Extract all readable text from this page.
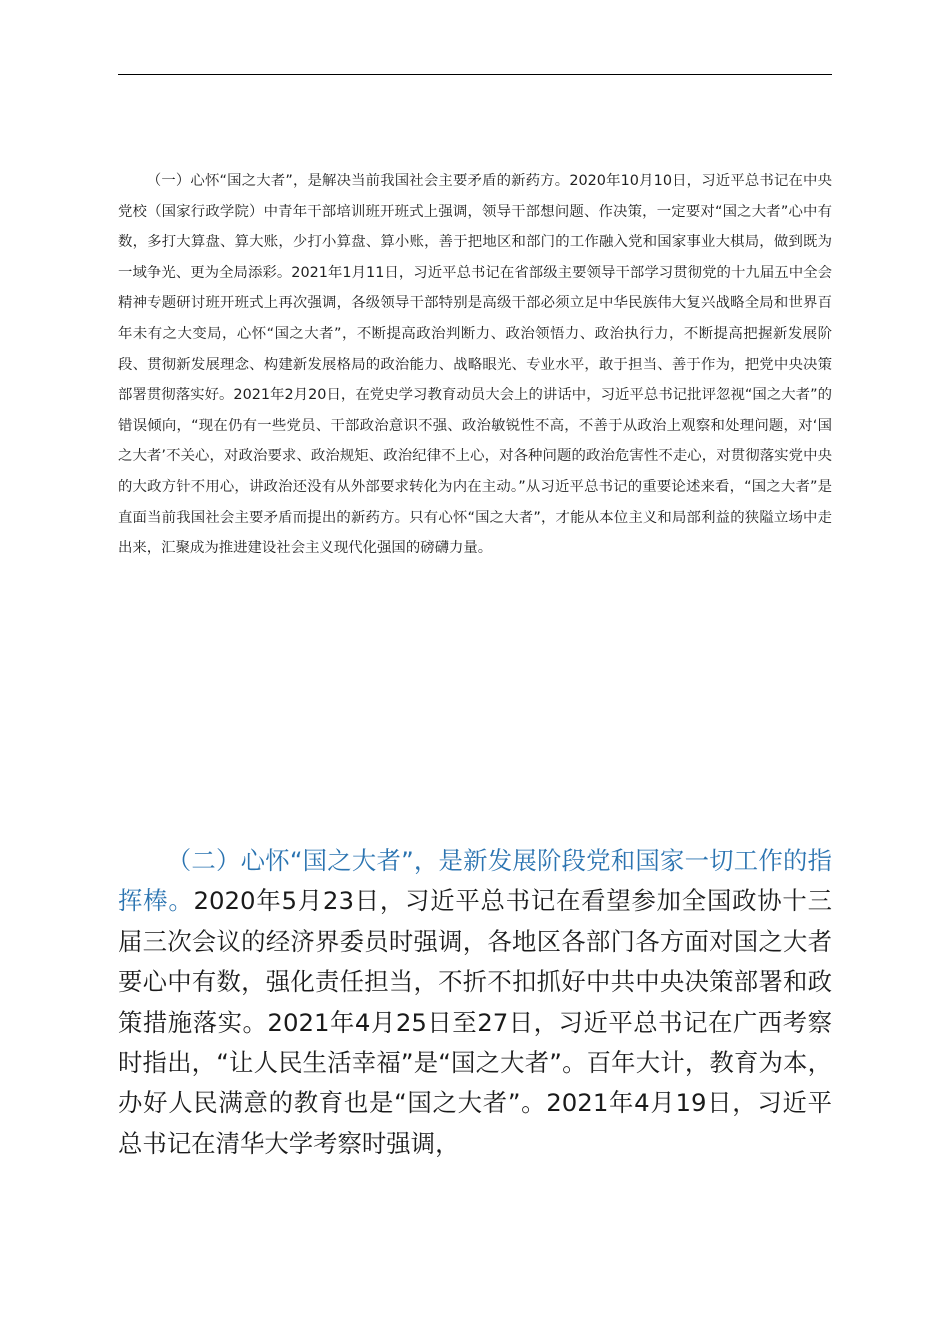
（一）心怀“国之大者”，是解决当前我国社会主要矛盾的新药方。2020年10月10日，习近平总书记在中央党校（国家行政学院）中青年干部培训班开班式上强调，领导干部想问题、作决策，一定要对“国之大者”心中有数，多打大算盘、算大账，少打小算盘、算小账，善于把地区和部门的工作融入党和国家事业大棋局，做到既为一域争光、更为全局添彩。2021年1月11日，习近平总书记在省部级主要领导干部学习贯彻党的十九届五中全会精神专题研讨班开班式上再次强调，各级领导干部特别是高级干部必须立足中华民族伟大复兴战略全局和世界百年未有之大变局，心怀“国之大者”，不断提高政治判断力、政治领悟力、政治执行力，不断提高把握新发展阶段、贯彻新发展理念、构建新发展格局的政治能力、战略眼光、专业水平，敢于担当、善于作为，把党中央决策部署贯彻落实好。2021年2月20日，在党史学习教育动员大会上的讲话中，习近平总书记批评忽视“国之大者”的错误倾向，“现在仍有一些党员、干部政治意识不强、政治敏锐性不高，不善于从政治上观察和处理问题，对‘国之大者’不关心，对政治要求、政治规矩、政治纪律不上心，对各种问题的政治危害性不走心，对贯彻落实党中央的大政方针不用心，讲政治还没有从外部要求转化为内在主动。”从习近平总书记的重要论述来看，“国之大者”是直面当前我国社会主要矛盾而提出的新药方。只有心怀“国之大者”，才能从本位主义和局部利益的狭隘立场中走出来，汇聚成为推进建设社会主义现代化强国的磅礴力量。

（二）心怀“国之大者”，是新发展阶段党和国家一切工作的指挥棒。2020年5月23日，习近平总书记在看望参加全国政协十三届三次会议的经济界委员时强调，各地区各部门各方面对国之大者要心中有数，强化责任担当，不折不扣抓好中共中央决策部署和政策措施落实。2021年4月25日至27日，习近平总书记在广西考察时指出，“让人民生活幸福”是“国之大者”。百年大计，教育为本，办好人民满意的教育也是“国之大者”。2021年4月19日，习近平总书记在清华大学考察时强调，
